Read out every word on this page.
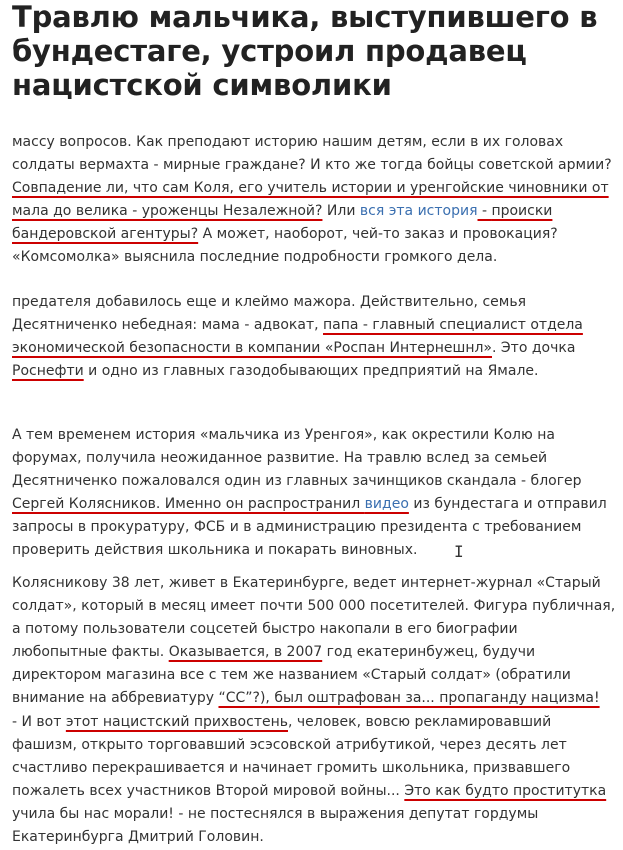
Травлю мальчика, выступившего в бундестаге, устроил продавец нацистской символики

массу вопросов. Как преподают историю нашим детям, если в их головах солдаты вермахта - мирные граждане? И кто же тогда бойцы советской армии? Совпадение ли, что сам Коля, его учитель истории и уренгойские чиновники от мала до велика - уроженцы Незалежной? Или вся эта история - происки бандеровской агентуры? А может, наоборот, чей-то заказ и провокация? «Комсомолка» выяснила последние подробности громкого дела.

предателя добавилось еще и клеймо мажора. Действительно, семья Десятниченко небедная: мама - адвокат, папа - главный специалист отдела экономической безопасности в компании «Роспан Интернешнл». Это дочка Роснефти и одно из главных газодобывающих предприятий на Ямале.

А тем временем история «мальчика из Уренгоя», как окрестили Колю на форумах, получила неожиданное развитие. На травлю вслед за семьей Десятниченко пожаловался один из главных зачинщиков скандала - блогер Сергей Колясников. Именно он распространил видео из бундестага и отправил запросы в прокуратуру, ФСБ и в администрацию президента с требованием проверить действия школьника и покарать виновных.

Колясникову 38 лет, живет в Екатеринбурге, ведет интернет-журнал «Старый солдат», который в месяц имеет почти 500 000 посетителей. Фигура публичная, а потому пользователи соцсетей быстро накопали в его биографии любопытные факты. Оказывается, в 2007 год екатеринбужец, будучи директором магазина все с тем же названием «Старый солдат» (обратили внимание на аббревиатуру “СС”?), был оштрафован за... пропаганду нацизма!

- И вот этот нацистский прихвостень, человек, вовсю рекламировавший фашизм, открыто торговавший эсэсовской атрибутикой, через десять лет счастливо перекрашивается и начинает громить школьника, призвавшего пожалеть всех участников Второй мировой войны... Это как будто проститутка учила бы нас морали! - не постеснялся в выражения депутат гордумы Екатеринбурга Дмитрий Головин.

I
